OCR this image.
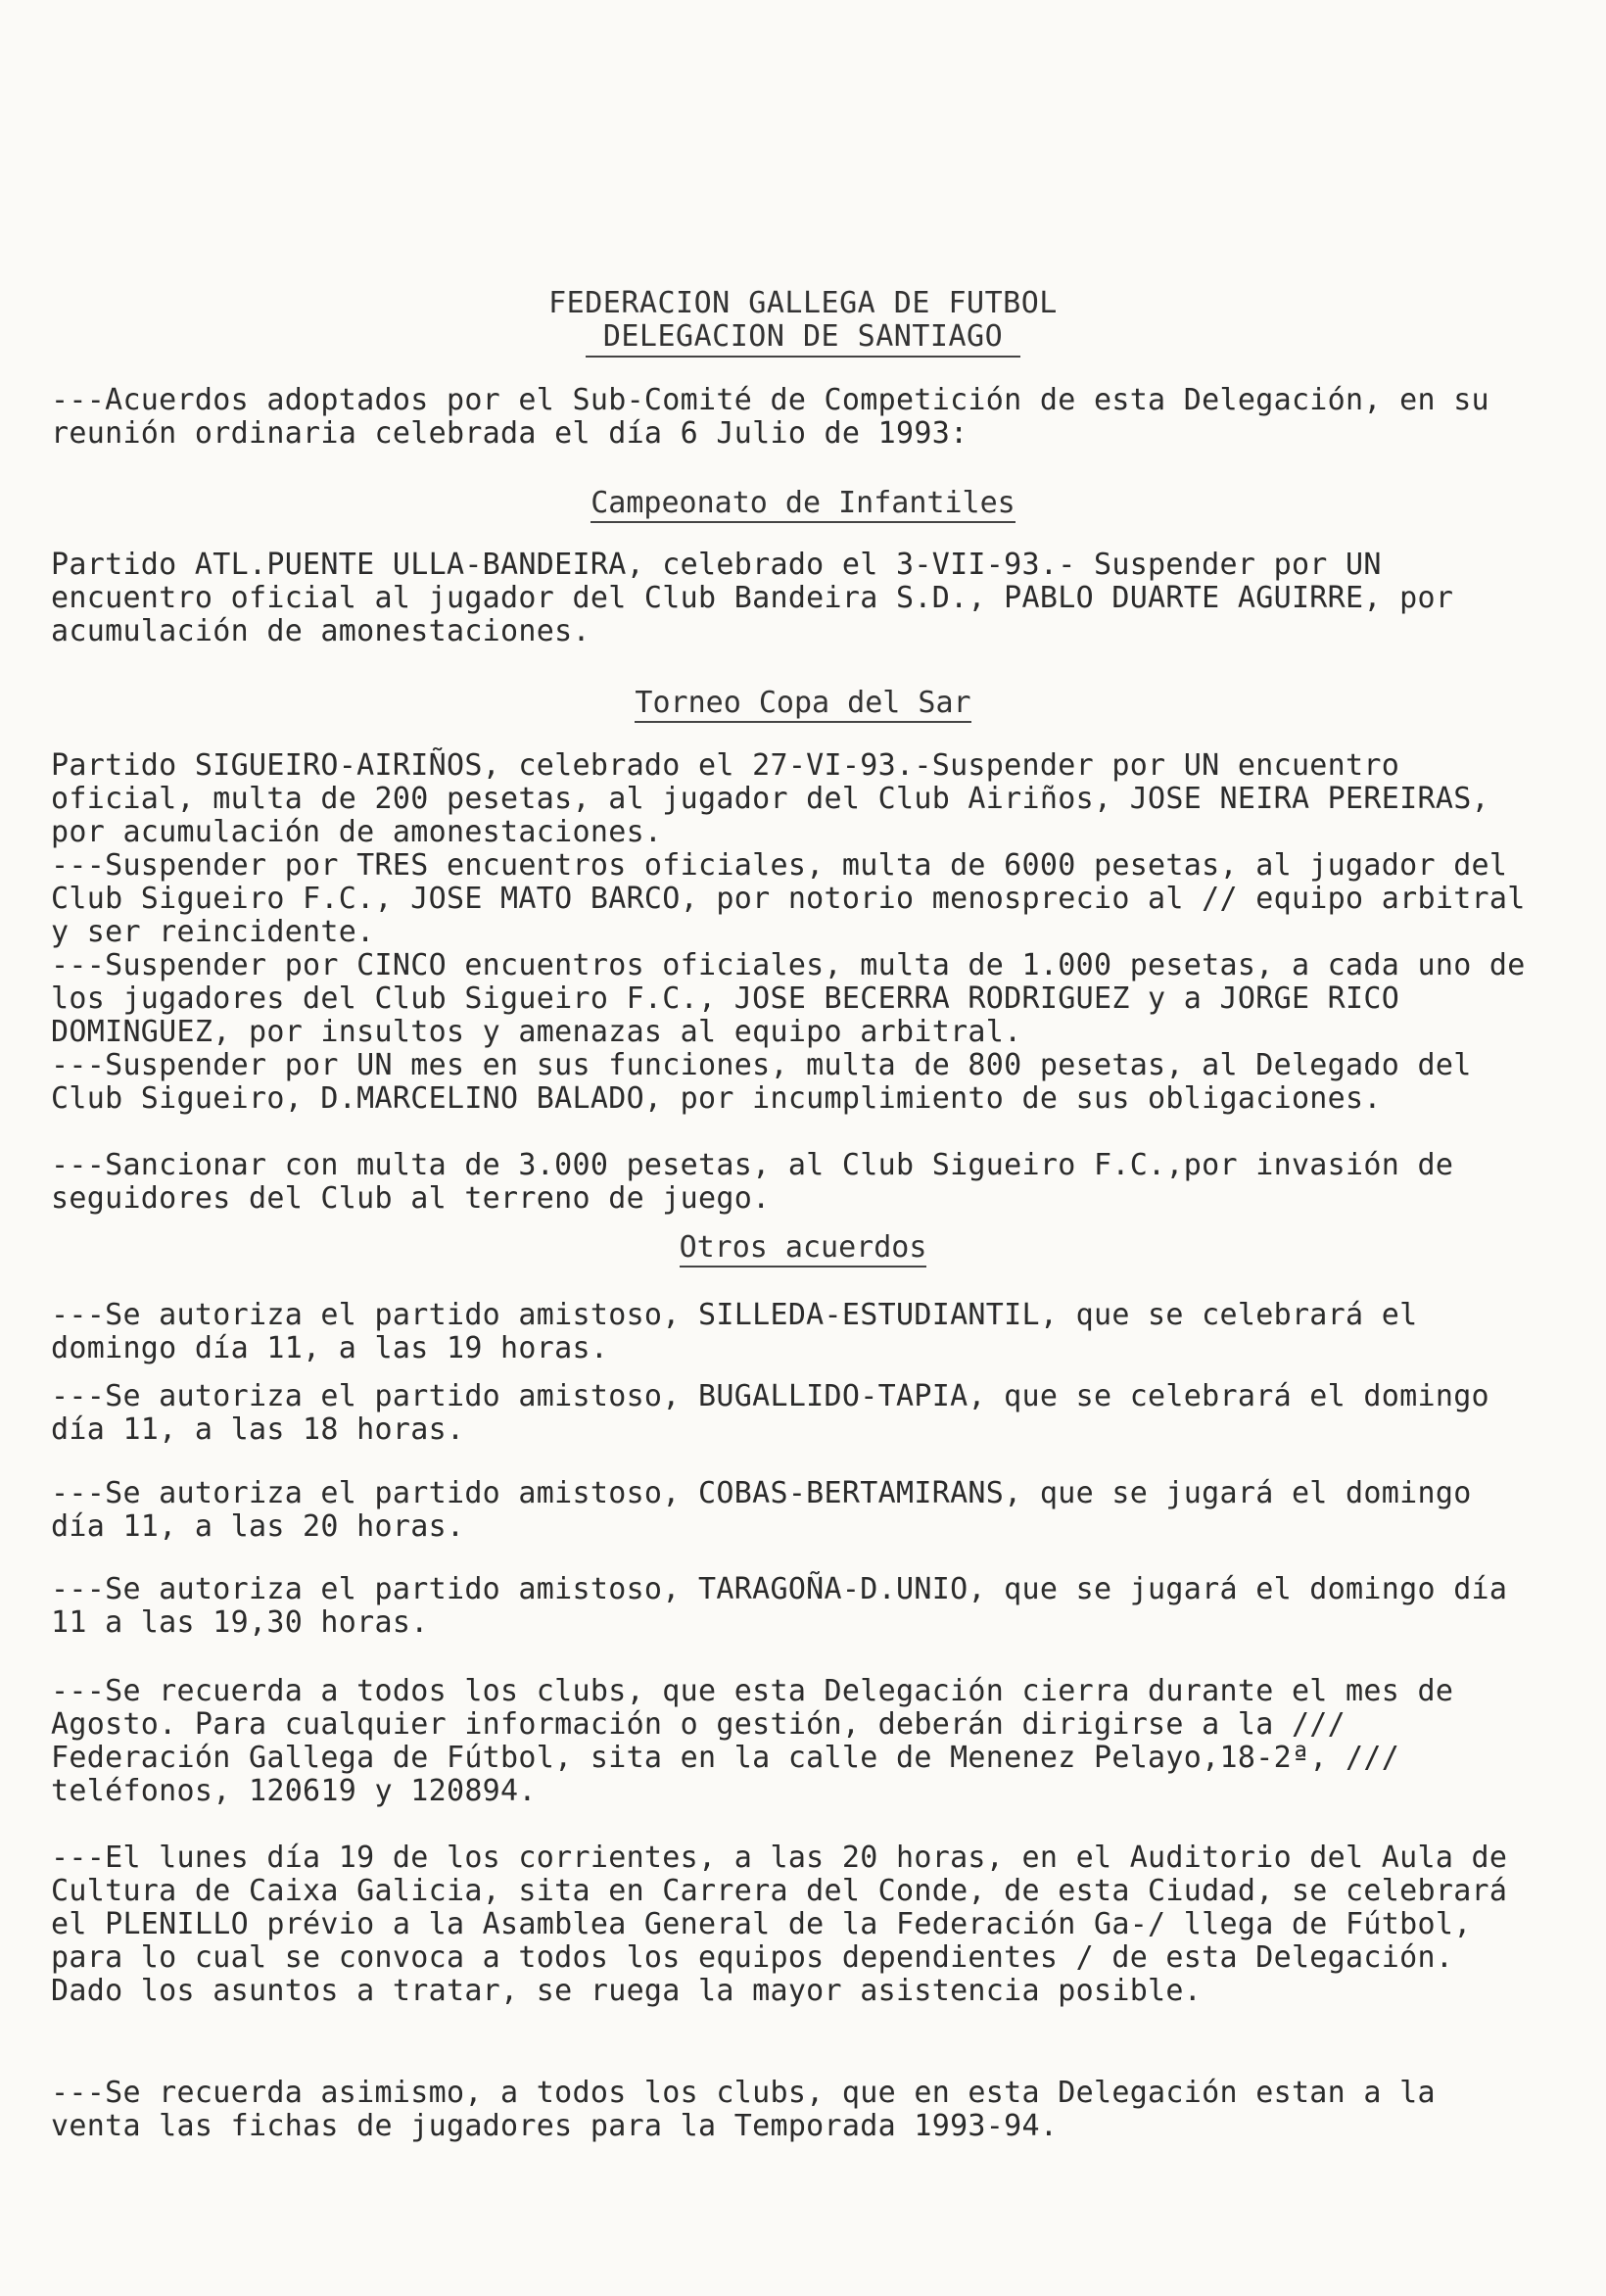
FEDERACION GALLEGA DE FUTBOL
DELEGACION DE SANTIAGO
---Acuerdos adoptados por el Sub-Comité de Competición de esta Delegación, en su reunión ordinaria celebrada el día 6 Julio de 1993:
Campeonato de Infantiles
Partido ATL.PUENTE ULLA-BANDEIRA, celebrado el 3-VII-93.- Suspender por UN encuentro oficial al jugador del Club Bandeira S.D., PABLO DUARTE AGUIRRE, por acumulación de amonestaciones.
Torneo Copa del Sar
Partido SIGUEIRO-AIRIÑOS, celebrado el 27-VI-93.-Suspender por UN encuentro oficial, multa de 200 pesetas, al jugador del Club Airiños, JOSE NEIRA PEREIRAS, por acumulación de amonestaciones.
---Suspender por TRES encuentros oficiales, multa de 6000 pesetas, al jugador del Club Sigueiro F.C., JOSE MATO BARCO, por notorio menosprecio al // equipo arbitral y ser reincidente.
---Suspender por CINCO encuentros oficiales, multa de 1.000 pesetas, a cada uno de los jugadores del Club Sigueiro F.C., JOSE BECERRA RODRIGUEZ y a JORGE RICO DOMINGUEZ, por insultos y amenazas al equipo arbitral.
---Suspender por UN mes en sus funciones, multa de 800 pesetas, al Delegado del Club Sigueiro, D.MARCELINO BALADO, por incumplimiento de sus obligaciones.
---Sancionar con multa de 3.000 pesetas, al Club Sigueiro F.C.,por invasión de seguidores del Club al terreno de juego.
Otros acuerdos
---Se autoriza el partido amistoso, SILLEDA-ESTUDIANTIL, que se celebrará el domingo día 11, a las 19 horas.
---Se autoriza el partido amistoso, BUGALLIDO-TAPIA, que se celebrará el domingo día 11, a las 18 horas.
---Se autoriza el partido amistoso, COBAS-BERTAMIRANS, que se jugará el domingo día 11, a las 20 horas.
---Se autoriza el partido amistoso, TARAGOÑA-D.UNIO, que se jugará el domingo día 11 a las 19,30 horas.
---Se recuerda a todos los clubs, que esta Delegación cierra durante el mes de Agosto. Para cualquier información o gestión, deberán dirigirse a la /// Federación Gallega de Fútbol, sita en la calle de Menenez Pelayo,18-2ª, /// teléfonos, 120619 y 120894.
---El lunes día 19 de los corrientes, a las 20 horas, en el Auditorio del Aula de Cultura de Caixa Galicia, sita en Carrera del Conde, de esta Ciudad, se celebrará el PLENILLO prévio a la Asamblea General de la Federación Ga-/ llega de Fútbol, para lo cual se convoca a todos los equipos dependientes / de esta Delegación. Dado los asuntos a tratar, se ruega la mayor asistencia posible.
---Se recuerda asimismo, a todos los clubs, que en esta Delegación estan a la venta las fichas de jugadores para la Temporada 1993-94.
